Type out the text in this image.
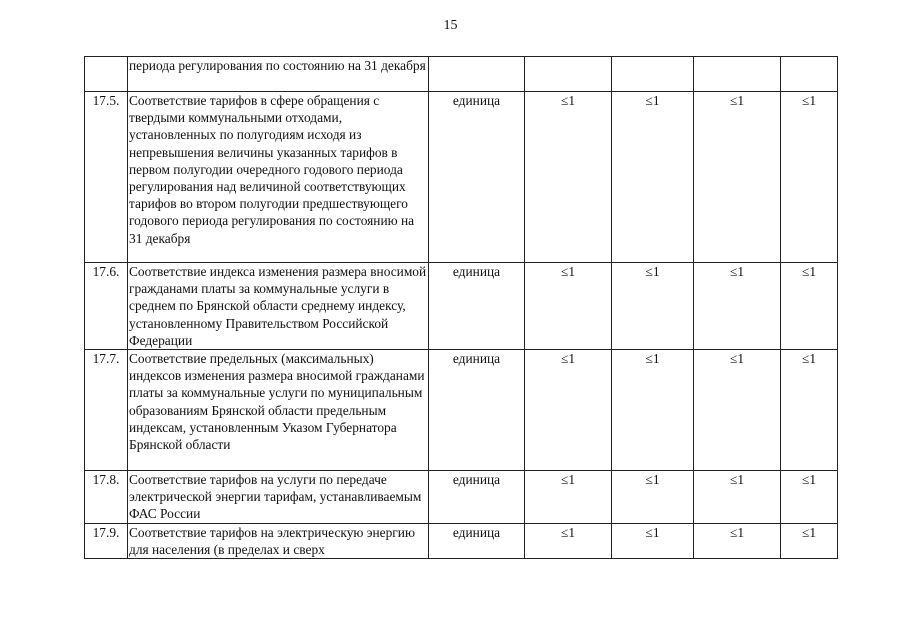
15
	периода регулирования по состоянию на 31 декабря					
17.5.	Соответствие тарифов в сфере обращения с твердыми коммунальными отходами, установленных по полугодиям исходя из непревышения величины указанных тарифов в первом полугодии очередного годового периода регулирования над величиной соответствующих тарифов во втором полугодии предшествующего годового периода регулирования по состоянию на 31 декабря	единица	≤1	≤1	≤1	≤1
17.6.	Соответствие индекса изменения размера вносимой гражданами платы за коммунальные услуги в среднем по Брянской области среднему индексу, установленному Правительством Российской Федерации	единица	≤1	≤1	≤1	≤1
17.7.	Соответствие предельных (максимальных) индексов изменения размера вносимой гражданами платы за коммунальные услуги по муниципальным образованиям Брянской области предельным индексам, установленным Указом Губернатора Брянской области	единица	≤1	≤1	≤1	≤1
17.8.	Соответствие тарифов на услуги по передаче электрической энергии тарифам, устанавливаемым ФАС России	единица	≤1	≤1	≤1	≤1
17.9.	Соответствие тарифов на электрическую энергию для населения (в пределах и сверх	единица	≤1	≤1	≤1	≤1
